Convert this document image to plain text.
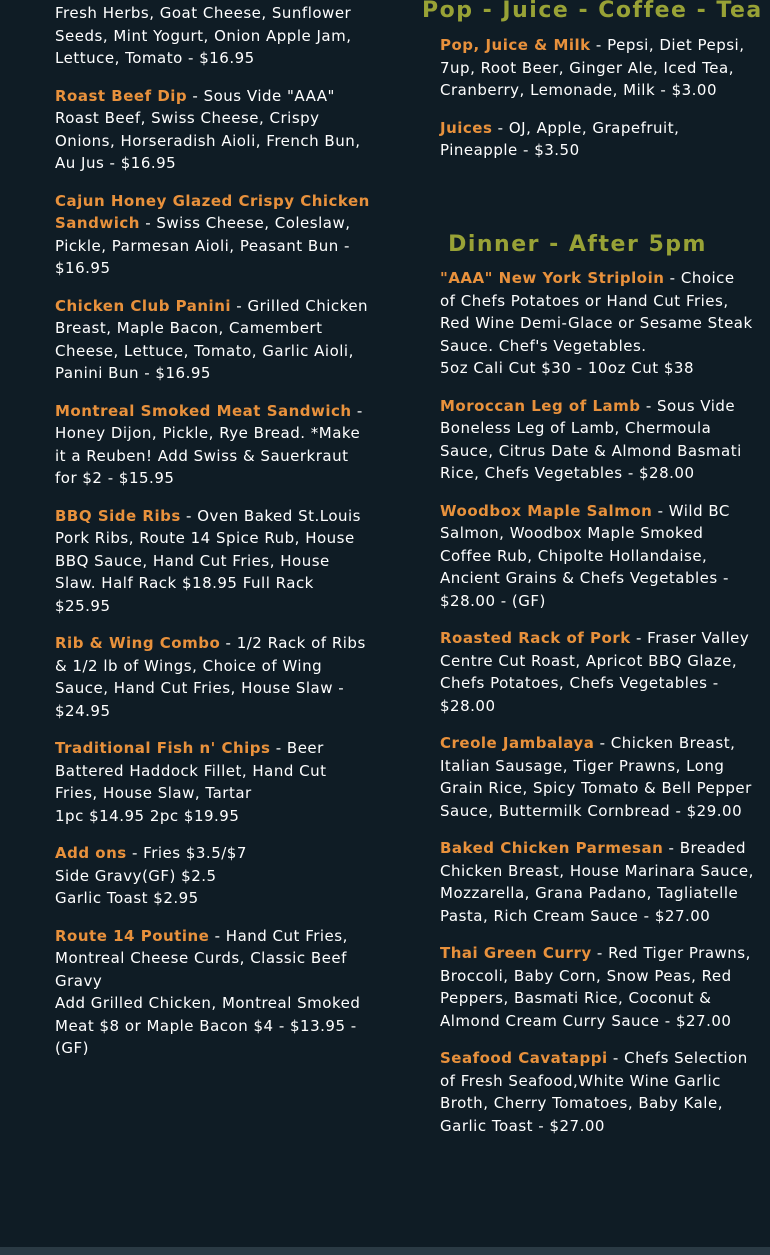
Fresh Herbs, Goat Cheese, Sunflower Seeds, Mint Yogurt, Onion Apple Jam, Lettuce, Tomato - $16.95

Roast Beef Dip - Sous Vide "AAA" Roast Beef, Swiss Cheese, Crispy Onions, Horseradish Aioli, French Bun, Au Jus - $16.95

Cajun Honey Glazed Crispy Chicken Sandwich - Swiss Cheese, Coleslaw, Pickle, Parmesan Aioli, Peasant Bun - $16.95

Chicken Club Panini - Grilled Chicken Breast, Maple Bacon, Camembert Cheese, Lettuce, Tomato, Garlic Aioli, Panini Bun - $16.95

Montreal Smoked Meat Sandwich - Honey Dijon, Pickle, Rye Bread. *Make it a Reuben! Add Swiss & Sauerkraut for $2 - $15.95

BBQ Side Ribs - Oven Baked St.Louis Pork Ribs, Route 14 Spice Rub, House BBQ Sauce, Hand Cut Fries, House Slaw. Half Rack $18.95 Full Rack $25.95

Rib & Wing Combo - 1/2 Rack of Ribs & 1/2 lb of Wings, Choice of Wing Sauce, Hand Cut Fries, House Slaw - $24.95

Traditional Fish n' Chips - Beer Battered Haddock Fillet, Hand Cut Fries, House Slaw, Tartar
1pc $14.95 2pc $19.95

Add ons - Fries $3.5/$7
Side Gravy(GF) $2.5
Garlic Toast $2.95

Route 14 Poutine - Hand Cut Fries, Montreal Cheese Curds, Classic Beef Gravy
Add Grilled Chicken, Montreal Smoked Meat $8 or Maple Bacon $4 - $13.95 - (GF)

Pop - Juice - Coffee - Tea

Pop, Juice & Milk - Pepsi, Diet Pepsi, 7up, Root Beer, Ginger Ale, Iced Tea, Cranberry, Lemonade, Milk - $3.00

Juices - OJ, Apple, Grapefruit, Pineapple - $3.50

Dinner - After 5pm

"AAA" New York Striploin - Choice of Chefs Potatoes or Hand Cut Fries, Red Wine Demi-Glace or Sesame Steak Sauce. Chef's Vegetables.
5oz Cali Cut $30 - 10oz Cut $38

Moroccan Leg of Lamb - Sous Vide Boneless Leg of Lamb, Chermoula Sauce, Citrus Date & Almond Basmati Rice, Chefs Vegetables - $28.00

Woodbox Maple Salmon - Wild BC Salmon, Woodbox Maple Smoked Coffee Rub, Chipolte Hollandaise, Ancient Grains & Chefs Vegetables - $28.00 - (GF)

Roasted Rack of Pork - Fraser Valley Centre Cut Roast, Apricot BBQ Glaze, Chefs Potatoes, Chefs Vegetables - $28.00

Creole Jambalaya - Chicken Breast, Italian Sausage, Tiger Prawns, Long Grain Rice, Spicy Tomato & Bell Pepper Sauce, Buttermilk Cornbread - $29.00

Baked Chicken Parmesan - Breaded Chicken Breast, House Marinara Sauce, Mozzarella, Grana Padano, Tagliatelle Pasta, Rich Cream Sauce - $27.00

Thai Green Curry - Red Tiger Prawns, Broccoli, Baby Corn, Snow Peas, Red Peppers, Basmati Rice, Coconut & Almond Cream Curry Sauce - $27.00

Seafood Cavatappi - Chefs Selection of Fresh Seafood,White Wine Garlic Broth, Cherry Tomatoes, Baby Kale, Garlic Toast - $27.00
